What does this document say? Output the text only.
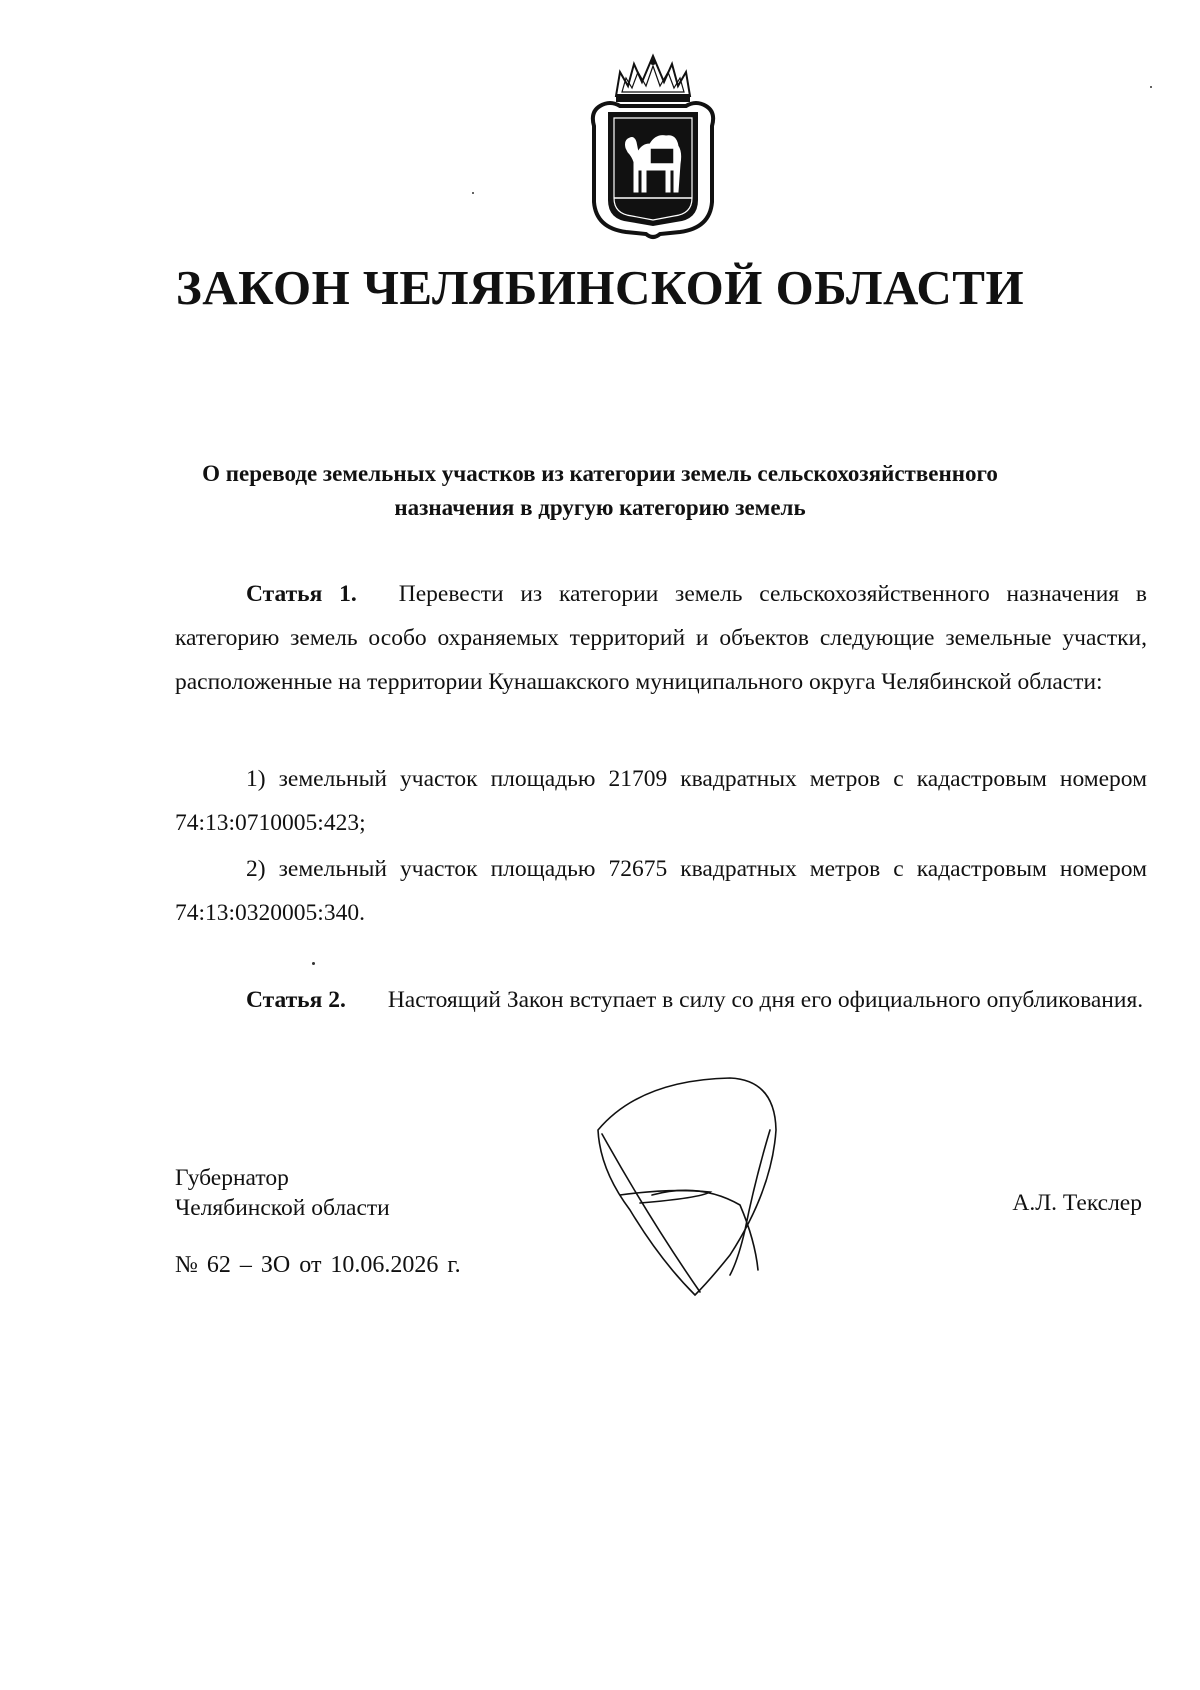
ЗАКОН ЧЕЛЯБИНСКОЙ ОБЛАСТИ
О переводе земельных участков из категории земель сельскохозяйственного
назначения в другую категорию земель

Статья 1. Перевести из категории земель сельскохозяйственного назначения в категорию земель особо охраняемых территорий и объектов следующие земельные участки, расположенные на территории Кунашакского муниципального округа Челябинской области:

1) земельный участок площадью 21709 квадратных метров с кадастровым номером 74:13:0710005:423;

2) земельный участок площадью 72675 квадратных метров с кадастровым номером 74:13:0320005:340.

Статья 2. Настоящий Закон вступает в силу со дня его официального опубликования.

Губернатор
Челябинской области	А.Л. Текслер
№ 62 – ЗО от 10.06.2026 г.
